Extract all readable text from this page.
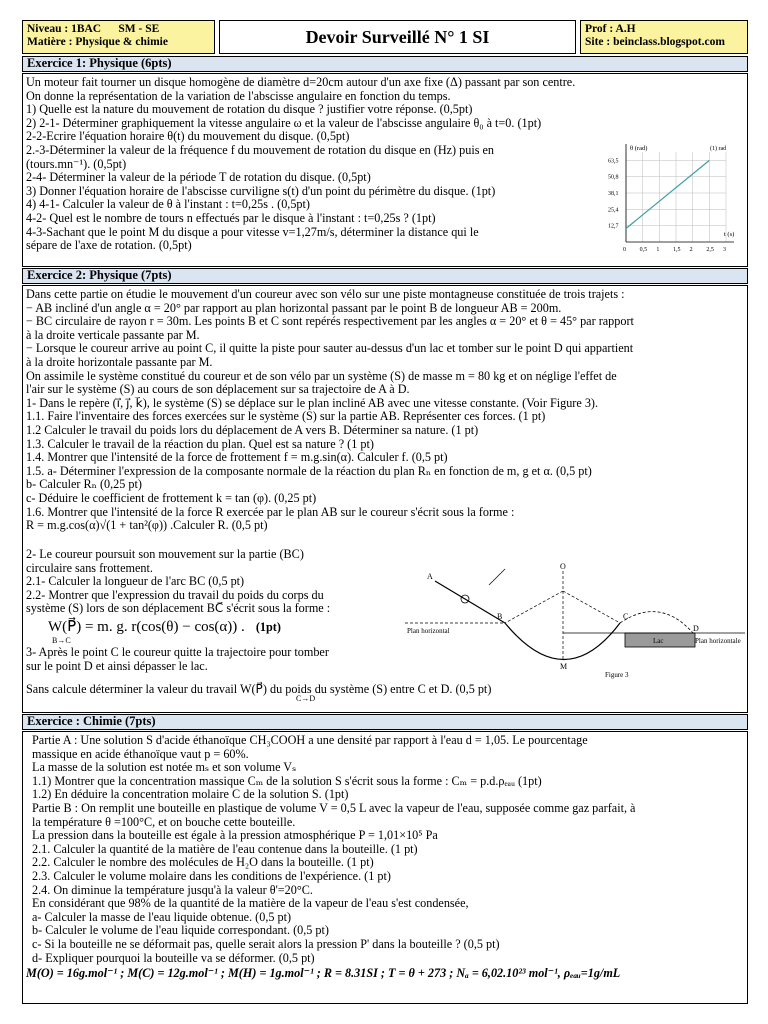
Niveau : 1BAC SM - SE
Matière : Physique & chimie	Devoir Surveillé N° 1 SI	Prof : A.H
Site : beinclass.blogspot.com
Exercice 1: Physique (6pts)
Un moteur fait tourner un disque homogène de diamètre d=20cm autour d'un axe fixe (Δ) passant par son centre.
On donne la représentation de la variation de l'abscisse angulaire en fonction du temps.
1) Quelle est la nature du mouvement de rotation du disque ? justifier votre réponse. (0,5pt)
2) 2-1- Déterminer graphiquement la vitesse angulaire ω et la valeur de l'abscisse angulaire θ₀ à t=0. (1pt)
2-2-Ecrire l'équation horaire θ(t) du mouvement du disque. (0,5pt)
2.-3-Déterminer la valeur de la fréquence f du mouvement de rotation du disque en (Hz) puis en
(tours.mn⁻¹). (0,5pt)
2-4- Déterminer la valeur de la période T de rotation du disque. (0,5pt)
3) Donner l'équation horaire de l'abscisse curviligne s(t) d'un point du périmètre du disque. (1pt)
4) 4-1- Calculer la valeur de θ à l'instant : t=0,25s . (0,5pt)
4-2- Quel est le nombre de tours n effectués par le disque à l'instant : t=0,25s ? (1pt)
4-3-Sachant que le point M du disque a pour vitesse v=1,27m/s, déterminer la distance qui le
sépare de l'axe de rotation. (0,5pt)	0 0,5 1 1,5 2 2,5 3
12,7
25,4
38,1
50,8
63,5
θ (rad)
t (s)
(1) rad
Exercice 2: Physique (7pts)
Dans cette partie on étudie le mouvement d'un coureur avec son vélo sur une piste montagneuse constituée de trois trajets :
− AB incliné d'un angle α = 20° par rapport au plan horizontal passant par le point B de longueur AB = 200m.
− BC circulaire de rayon r = 30m. Les points B et C sont repérés respectivement par les angles α = 20° et θ = 45° par rapport
à la droite verticale passante par M.
− Lorsque le coureur arrive au point C, il quitte la piste pour sauter au-dessus d'un lac et tomber sur le point D qui appartient
à la droite horizontale passante par M.
On assimile le système constitué du coureur et de son vélo par un système (S) de masse m = 80 kg et on néglige l'effet de
l'air sur le système (S) au cours de son déplacement sur sa trajectoire de A à D.
1- Dans le repère (i⃗, j⃗, k⃗), le système (S) se déplace sur le plan incliné AB avec une vitesse constante. (Voir Figure 3).
1.1. Faire l'inventaire des forces exercées sur le système (S) sur la partie AB. Représenter ces forces. (1 pt)
1.2 Calculer le travail du poids lors du déplacement de A vers B. Déterminer sa nature. (1 pt)
1.3. Calculer le travail de la réaction du plan. Quel est sa nature ? (1 pt)
1.4. Montrer que l'intensité de la force de frottement f = m.g.sin(α). Calculer f. (0,5 pt)
1.5. a- Déterminer l'expression de la composante normale de la réaction du plan Rₙ en fonction de m, g et α. (0,5 pt)
b- Calculer Rₙ (0,25 pt)
c- Déduire le coefficient de frottement k = tan (φ). (0,25 pt)
1.6. Montrer que l'intensité de la force R exercée par le plan AB sur le coureur s'écrit sous la forme :
R = m.g.cos(α)√(1 + tan²(φ)) .Calculer R. (0,5 pt)
2- Le coureur poursuit son mouvement sur la partie (BC)
circulaire sans frottement.
2.1- Calculer la longueur de l'arc BC (0,5 pt)
2.2- Montrer que l'expression du travail du poids du corps du
système (S) lors de son déplacement BC⃗ s'écrit sous la forme :
W(P⃗) = m. g. r(cos(θ) − cos(α)) . (1pt)
B→C
3- Après le point C le coureur quitte la trajectoire pour tomber
sur le point D et ainsi dépasser le lac.
Sans calcule déterminer la valeur du travail W(P⃗) du poids du système (S) entre C et D. (0,5 pt)
C→D
A
B
O
C
M
D
Plan horizontal
Plan horizontale
Lac
Figure 3
Exercice : Chimie (7pts)
Partie A : Une solution S d'acide éthanoïque CH₃COOH a une densité par rapport à l'eau d = 1,05. Le pourcentage
massique en acide éthanoïque vaut p = 60%.
La masse de la solution est notée mₛ et son volume Vₛ
1.1) Montrer que la concentration massique Cₘ de la solution S s'écrit sous la forme : Cₘ = p.d.ρₑₐᵤ (1pt)
1.2) En déduire la concentration molaire C de la solution S. (1pt)
Partie B : On remplit une bouteille en plastique de volume V = 0,5 L avec la vapeur de l'eau, supposée comme gaz parfait, à
la température θ =100°C, et on bouche cette bouteille.
La pression dans la bouteille est égale à la pression atmosphérique P = 1,01×10⁵ Pa
2.1. Calculer la quantité de la matière de l'eau contenue dans la bouteille. (1 pt)
2.2. Calculer le nombre des molécules de H₂O dans la bouteille. (1 pt)
2.3. Calculer le volume molaire dans les conditions de l'expérience. (1 pt)
2.4. On diminue la température jusqu'à la valeur θ'=20°C.
En considérant que 98% de la quantité de la matière de la vapeur de l'eau s'est condensée,
a- Calculer la masse de l'eau liquide obtenue. (0,5 pt)
b- Calculer le volume de l'eau liquide correspondant. (0,5 pt)
c- Si la bouteille ne se déformait pas, quelle serait alors la pression P' dans la bouteille ? (0,5 pt)
d- Expliquer pourquoi la bouteille va se déformer. (0,5 pt)
M(O) = 16g.mol⁻¹ ; M(C) = 12g.mol⁻¹ ; M(H) = 1g.mol⁻¹ ; R = 8.31SI ; T = θ + 273 ; Nₐ = 6,02.10²³ mol⁻¹, ρₑₐᵤ=1g/mL
